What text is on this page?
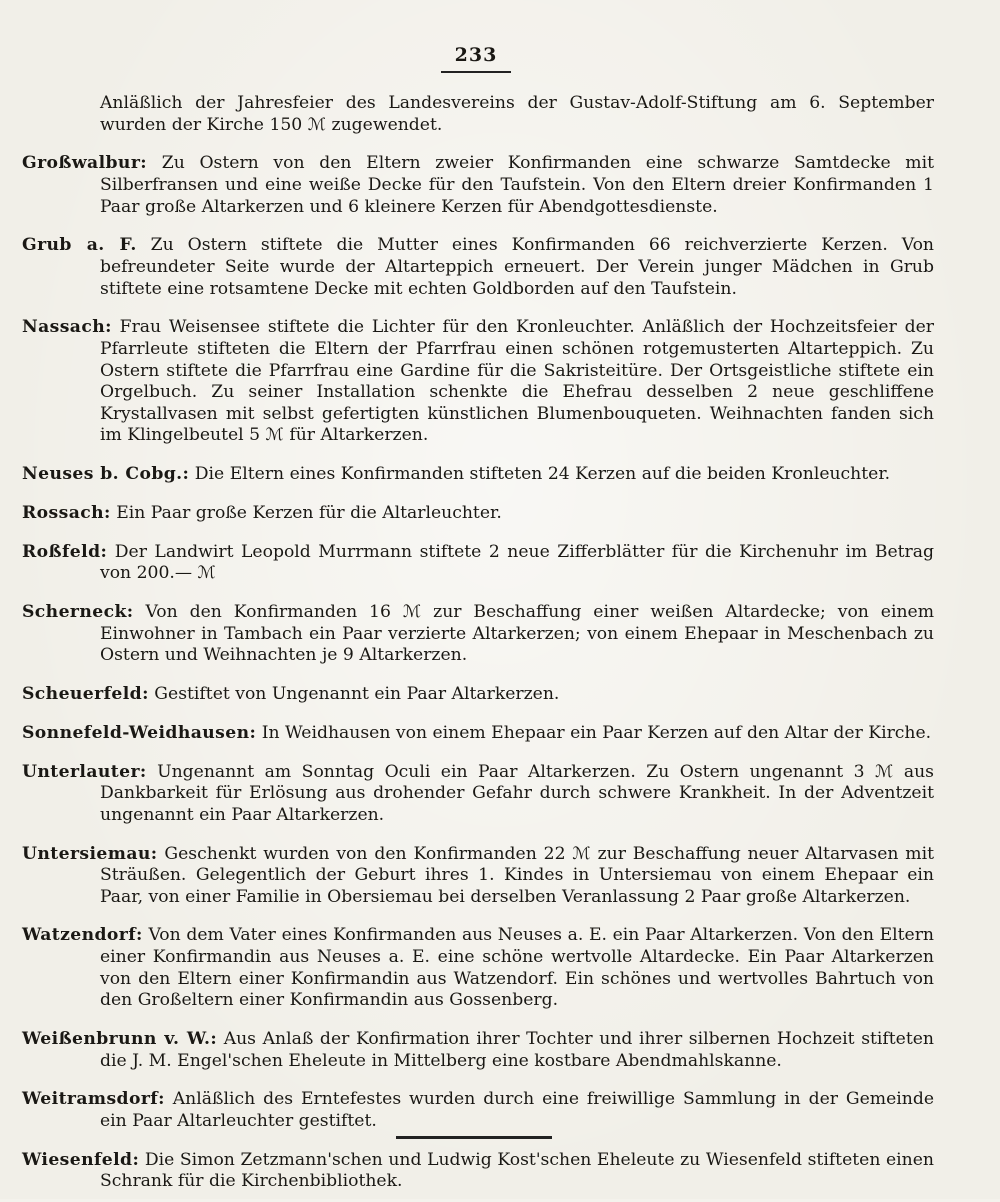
233

Anläßlich der Jahresfeier des Landesvereins der Gustav-Adolf-Stiftung am 6. September wurden der Kirche 150 ℳ zugewendet.

Großwalbur: Zu Ostern von den Eltern zweier Konfirmanden eine schwarze Samtdecke mit Silberfransen und eine weiße Decke für den Taufstein. Von den Eltern dreier Konfirmanden 1 Paar große Altarkerzen und 6 kleinere Kerzen für Abendgottesdienste.

Grub a. F. Zu Ostern stiftete die Mutter eines Konfirmanden 66 reichverzierte Kerzen. Von befreundeter Seite wurde der Altarteppich erneuert. Der Verein junger Mädchen in Grub stiftete eine rotsamtene Decke mit echten Goldborden auf den Taufstein.

Nassach: Frau Weisensee stiftete die Lichter für den Kronleuchter. Anläßlich der Hochzeitsfeier der Pfarrleute stifteten die Eltern der Pfarrfrau einen schönen rotgemusterten Altarteppich. Zu Ostern stiftete die Pfarrfrau eine Gardine für die Sakristeitüre. Der Ortsgeistliche stiftete ein Orgelbuch. Zu seiner Installation schenkte die Ehefrau desselben 2 neue geschliffene Krystallvasen mit selbst gefertigten künstlichen Blumenbouqueten. Weihnachten fanden sich im Klingelbeutel 5 ℳ für Altarkerzen.

Neuses b. Cobg.: Die Eltern eines Konfirmanden stifteten 24 Kerzen auf die beiden Kronleuchter.

Rossach: Ein Paar große Kerzen für die Altarleuchter.

Roßfeld: Der Landwirt Leopold Murrmann stiftete 2 neue Zifferblätter für die Kirchenuhr im Betrag von 200.— ℳ

Scherneck: Von den Konfirmanden 16 ℳ zur Beschaffung einer weißen Altardecke; von einem Einwohner in Tambach ein Paar verzierte Altarkerzen; von einem Ehepaar in Meschenbach zu Ostern und Weihnachten je 9 Altarkerzen.

Scheuerfeld: Gestiftet von Ungenannt ein Paar Altarkerzen.

Sonnefeld-Weidhausen: In Weidhausen von einem Ehepaar ein Paar Kerzen auf den Altar der Kirche.

Unterlauter: Ungenannt am Sonntag Oculi ein Paar Altarkerzen. Zu Ostern ungenannt 3 ℳ aus Dankbarkeit für Erlösung aus drohender Gefahr durch schwere Krankheit. In der Adventzeit ungenannt ein Paar Altarkerzen.

Untersiemau: Geschenkt wurden von den Konfirmanden 22 ℳ zur Beschaffung neuer Altarvasen mit Sträußen. Gelegentlich der Geburt ihres 1. Kindes in Untersiemau von einem Ehepaar ein Paar, von einer Familie in Obersiemau bei derselben Veranlassung 2 Paar große Altarkerzen.

Watzendorf: Von dem Vater eines Konfirmanden aus Neuses a. E. ein Paar Altarkerzen. Von den Eltern einer Konfirmandin aus Neuses a. E. eine schöne wertvolle Altardecke. Ein Paar Altarkerzen von den Eltern einer Konfirmandin aus Watzendorf. Ein schönes und wertvolles Bahrtuch von den Großeltern einer Konfirmandin aus Gossenberg.

Weißenbrunn v. W.: Aus Anlaß der Konfirmation ihrer Tochter und ihrer silbernen Hochzeit stifteten die J. M. Engel'schen Eheleute in Mittelberg eine kostbare Abendmahlskanne.

Weitramsdorf: Anläßlich des Erntefestes wurden durch eine freiwillige Sammlung in der Gemeinde ein Paar Altarleuchter gestiftet.

Wiesenfeld: Die Simon Zetzmann'schen und Ludwig Kost'schen Eheleute zu Wiesenfeld stifteten einen Schrank für die Kirchenbibliothek.
